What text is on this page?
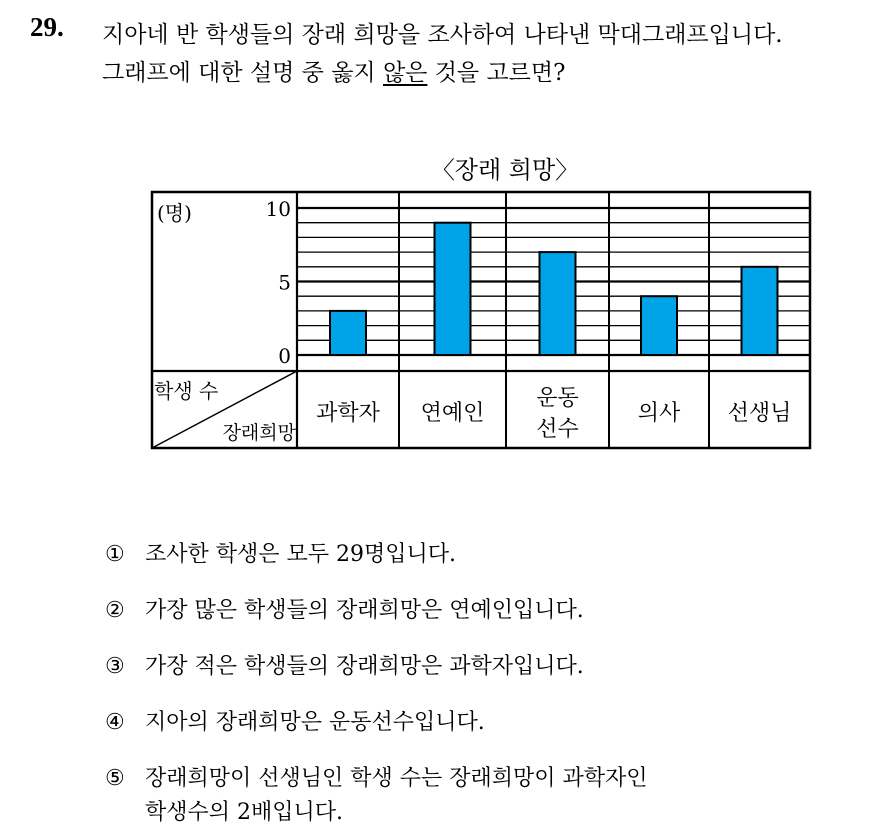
29. 지아네 반 학생들의 장래 희망을 조사하여 나타낸 막대그래프입니다.
그래프에 대한 설명 중 옳지 않은 것을 고르면?
〈장래 희망〉
(명)
0
5
10
학생 수
장래희망
과학자 연예인
운동
선수
의사 선생님
① 조사한 학생은 모두 29명입니다.
② 가장 많은 학생들의 장래희망은 연예인입니다.
③ 가장 적은 학생들의 장래희망은 과학자입니다.
④ 지아의 장래희망은 운동선수입니다.
⑤ 장래희망이 선생님인 학생 수는 장래희망이 과학자인
학생수의 2배입니다.
